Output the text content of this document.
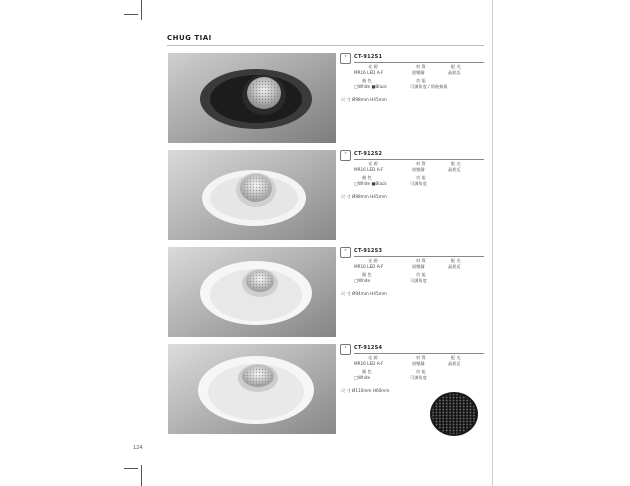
CHUG TIAI
☀	CT-912S1
光 源	材 質	配 光
MR16 LED A-F	鋁壓鑄	晶鋁反
顏 色	功 能
□White ■Black	可調角度 / 防眩蜂巢
尺 寸 Ø98mm H45mm
☀	CT-912S2
光 源	材 質	配 光
MR16 LED A-F	鋁壓鑄	晶鋁反
顏 色	功 能
□White ■Black	可調角度
尺 寸 Ø98mm H45mm
☀	CT-912S3
光 源	材 質	配 光
MR16 LED A-F	鋁壓鑄	晶鋁反
顏 色	功 能
□White	可調角度
尺 寸 Ø94mm H45mm
☀	CT-912S4
光 源	材 質	配 光
MR16 LED A-F	鋁壓鑄	晶鋁反
顏 色	功 能
□White	可調角度
尺 寸 Ø110mm H60mm
124
